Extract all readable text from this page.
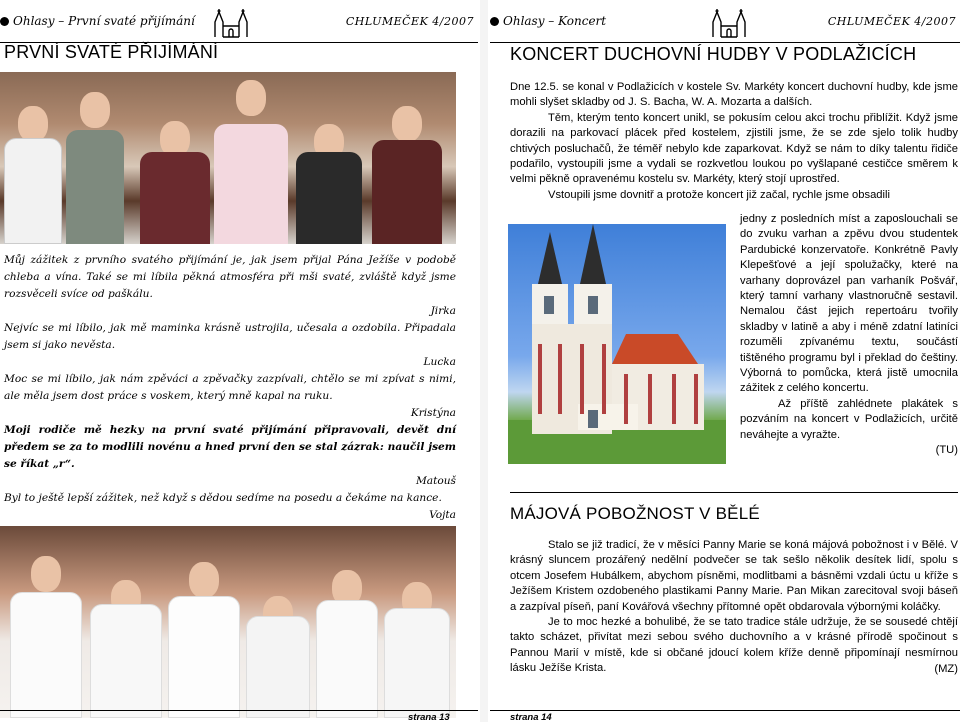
Ohlasy – První svaté přijímání	CHLUMEČEK 4/2007
PRVNÍ SVATÉ PŘIJÍMÁNÍ

Můj zážitek z prvního svatého přijímání je, jak jsem přijal Pána Ježíše v podobě chleba a vína. Také se mi líbila pěkná atmosféra při mši svaté, zvláště když jsme rozsvěceli svíce od paškálu.

Jirka

Nejvíc se mi líbilo, jak mě maminka krásně ustrojila, učesala a ozdobila. Připadala jsem si jako nevěsta.

Lucka

Moc se mi líbilo, jak nám zpěváci a zpěvačky zazpívali, chtělo se mi zpívat s nimi, ale měla jsem dost práce s voskem, který mně kapal na ruku.

Kristýna

Moji rodiče mě hezky na první svaté přijímání připravovali, devět dní předem se za to modlili novénu a hned první den se stal zázrak: naučil jsem se říkat „r“.

Matouš

Byl to ještě lepší zážitek, než když s dědou sedíme na posedu a čekáme na kance.

Vojta

strana 13
Ohlasy – Koncert	CHLUMEČEK 4/2007
KONCERT DUCHOVNÍ HUDBY V PODLAŽICÍCH

Dne 12.5. se konal v Podlažicích v kostele Sv. Markéty koncert duchovní hudby, kde jsme mohli slyšet skladby od J. S. Bacha, W. A. Mozarta a dalších.

Těm, kterým tento koncert unikl, se pokusím celou akci trochu přiblížit. Když jsme dorazili na parkovací plácek před kostelem, zjistili jsme, že se zde sjelo tolik hudby chtivých posluchačů, že téměř nebylo kde zaparkovat. Když se nám to díky talentu řidiče podařilo, vystoupili jsme a vydali se rozkvetlou loukou po vyšlapané cestičce směrem k velmi pěkně opravenému kostelu sv. Markéty, který stojí uprostřed.

Vstoupili jsme dovnitř a protože koncert již začal, rychle jsme obsadili

jedny z posledních míst a zaposlouchali se do zvuku varhan a zpěvu dvou studentek Pardubické konzervatoře. Konkrétně Pavly Klepešťové a její spolužačky, které na varhany doprovázel pan varhaník Pošvář, který tamní varhany vlastnoručně sestavil. Nemalou část jejich repertoáru tvořily skladby v latině a aby i méně zdatní latiníci rozuměli zpívanému textu, součástí tištěného programu byl i překlad do češtiny. Výborná to pomůcka, která jistě umocnila zážitek z celého koncertu.

Až příště zahlédnete plakátek s pozváním na koncert v Podlažicích, určitě neváhejte a vyražte.

(TU)

MÁJOVÁ POBOŽNOST V BĚLÉ

Stalo se již tradicí, že v měsíci Panny Marie se koná májová pobožnost i v Bělé. V krásný sluncem prozářený nedělní podvečer se tak sešlo několik desítek lidí, spolu s otcem Josefem Hubálkem, abychom písněmi, modlitbami a básněmi vzdali úctu u kříže s Ježíšem Kristem ozdobeného plastikami Panny Marie. Pan Mikan zarecitoval svoji báseň a zazpíval píseň, paní Kovářová všechny přítomné opět obdarovala výbornými koláčky.

Je to moc hezké a bohulibé, že se tato tradice stále udržuje, že se sousedé chtějí takto scházet, přivítat mezi sebou svého duchovního a v krásné přírodě spočinout s Pannou Marií v místě, kde si občané jdoucí kolem kříže denně připomínají nesmírnou lásku Ježíše Krista.	(MZ)

strana 14
